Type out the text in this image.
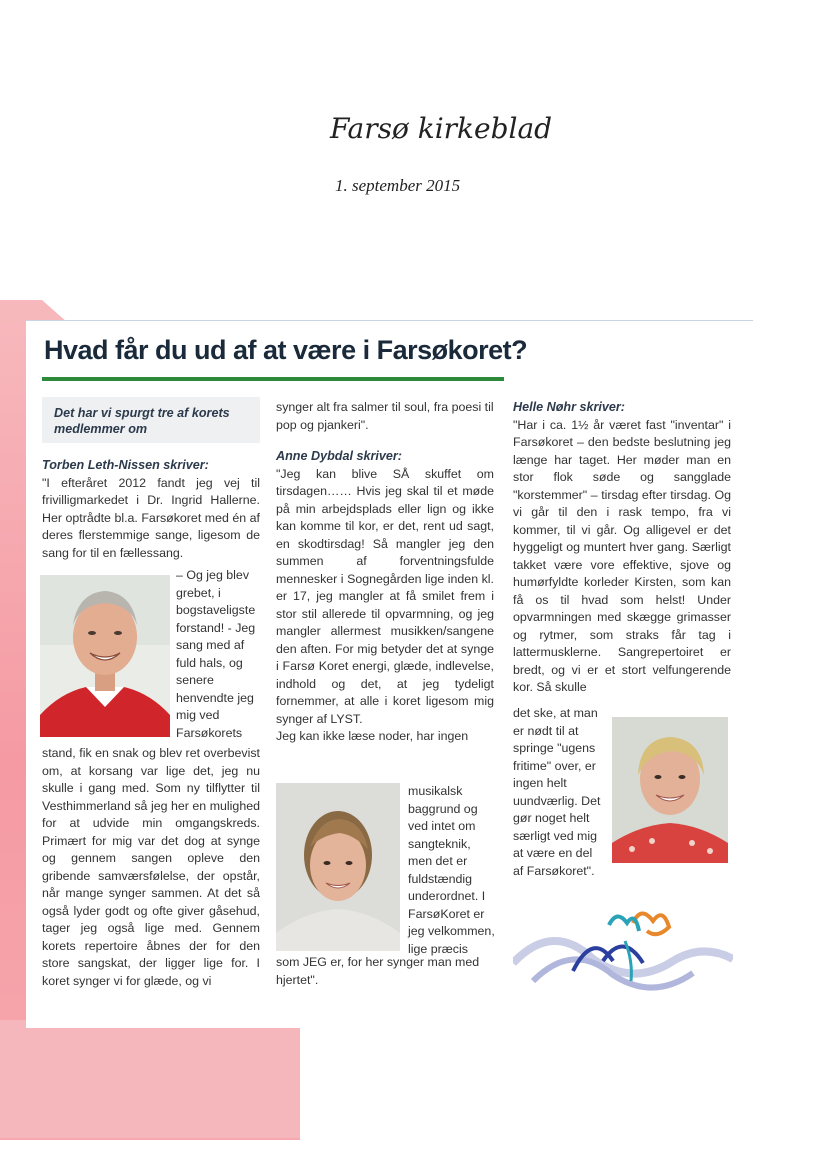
Farsø kirkeblad
1. september 2015
Hvad får du ud af at være i Farsøkoret?
Det har vi spurgt tre af korets medlemmer om

Torben Leth-Nissen skriver:

"I efteråret 2012 fandt jeg vej til frivilligmarkedet i Dr. Ingrid Hallerne. Her optrådte bl.a. Farsøkoret med én af deres flerstemmige sange, ligesom de sang for til en fællessang.

– Og jeg blev grebet, i bogstaveligste forstand! - Jeg sang med af fuld hals, og senere henvendte jeg mig ved Farsøkorets

stand, fik en snak og blev ret overbevist om, at korsang var lige det, jeg nu skulle i gang med. Som ny tilflytter til Vesthimmerland så jeg her en mulighed for at udvide min omgangskreds. Primært for mig var det dog at synge og gennem sangen opleve den gribende samværsfølelse, der opstår, når mange synger sammen. At det så også lyder godt og ofte giver gåsehud, tager jeg også lige med. Gennem korets repertoire åbnes der for den store sangskat, der ligger lige for. I koret synger vi for glæde, og vi

synger alt fra salmer til soul, fra poesi til pop og pjankeri".

Anne Dybdal skriver:

"Jeg kan blive SÅ skuffet om tirsdagen…… Hvis jeg skal til et møde på min arbejdsplads eller lign og ikke kan komme til kor, er det, rent ud sagt, en skodtirsdag! Så mangler jeg den summen af forventningsfulde mennesker i Sognegården lige inden kl. er 17, jeg mangler at få smilet frem i stor stil allerede til opvarmning, og jeg mangler allermest musikken/sangene den aften. For mig betyder det at synge i Farsø Koret energi, glæde, indlevelse, indhold og det, at jeg tydeligt fornemmer, at alle i koret ligesom mig synger af LYST.

Jeg kan ikke læse noder, har ingen

musikalsk baggrund og ved intet om sangteknik, men det er fuldstændig underordnet. I FarsøKoret er jeg velkommen, lige præcis

som JEG er, for her synger man med hjertet".

Helle Nøhr skriver:

"Har i ca. 1½ år været fast "inventar" i Farsøkoret – den bedste beslutning jeg længe har taget. Her møder man en stor flok søde og sangglade "korstemmer" – tirsdag efter tirsdag. Og vi går til den i rask tempo, fra vi kommer, til vi går. Og alligevel er det hyggeligt og muntert hver gang. Særligt takket være vore effektive, sjove og humørfyldte korleder Kirsten, som kan få os til hvad som helst! Under opvarmningen med skægge grimasser og rytmer, som straks får tag i lattermusklerne. Sangrepertoiret er bredt, og vi er et stort velfungerende kor. Så skulle

det ske, at man er nødt til at springe "ugens fritime" over, er ingen helt uundværlig. Det gør noget helt særligt ved mig at være en del af Farsøkoret".
